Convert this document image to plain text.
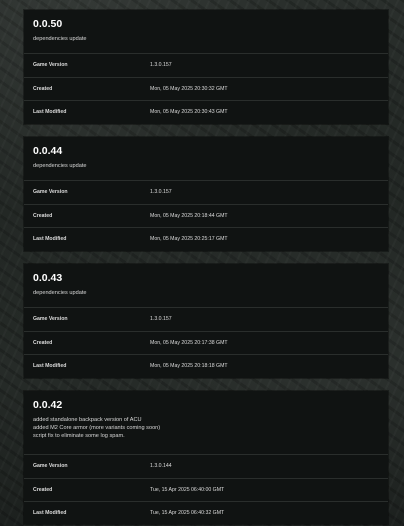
0.0.50
dependencies update
Game Version	1.3.0.157
Created	Mon, 05 May 2025 20:30:32 GMT
Last Modified	Mon, 05 May 2025 20:30:43 GMT
0.0.44
dependencies update
Game Version	1.3.0.157
Created	Mon, 05 May 2025 20:18:44 GMT
Last Modified	Mon, 05 May 2025 20:25:17 GMT
0.0.43
dependencies update
Game Version	1.3.0.157
Created	Mon, 05 May 2025 20:17:38 GMT
Last Modified	Mon, 05 May 2025 20:18:18 GMT
0.0.42
added standalone backpack version of ACU
added M2 Core armor (more variants coming soon)
script fix to eliminate some log spam.
Game Version	1.3.0.144
Created	Tue, 15 Apr 2025 06:40:00 GMT
Last Modified	Tue, 15 Apr 2025 06:40:32 GMT
